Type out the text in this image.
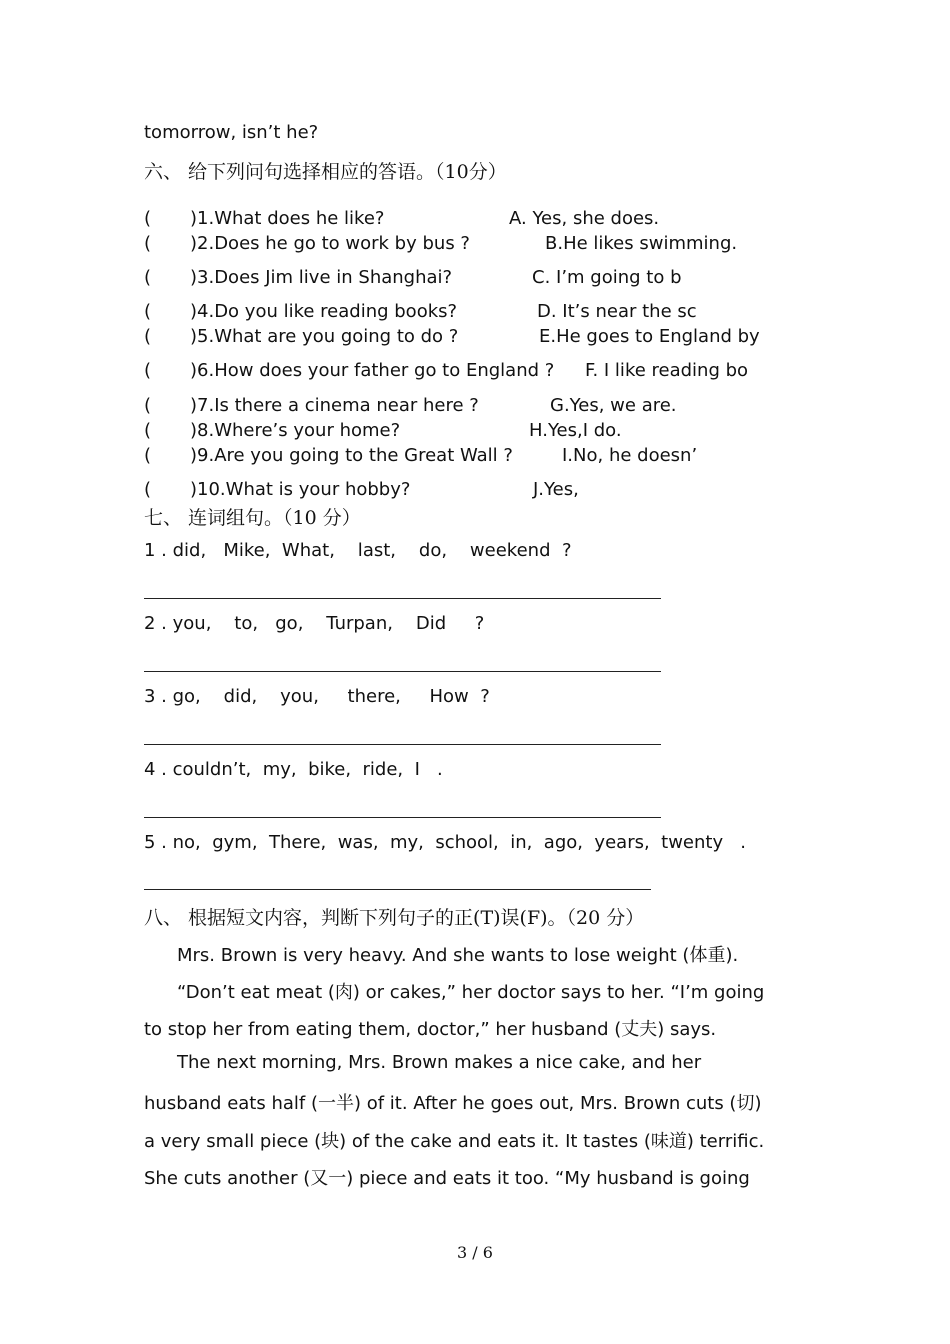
tomorrow, isn’t he?
六、 给下列问句选择相应的答语。（10分）
( )1.What does he like?	A. Yes, she does.
( )2.Does he go to work by bus ?	B.He likes swimming.
( )3.Does Jim live in Shanghai?	C. I’m going to b
( )4.Do you like reading books?	D. It’s near the sc
( )5.What are you going to do ?	E.He goes to England by
( )6.How does your father go to England ? F. I like reading bo
( )7.Is there a cinema near here ?	G.Yes, we are.
( )8.Where’s your home?	H.Yes,I do.
( )9.Are you going to the Great Wall ?	I.No, he doesn’
( )10.What is your hobby?	J.Yes,
七、 连词组句。（10 分）
1 . did,   Mike,  What,    last,    do,    weekend  ?
2 . you,    to,   go,    Turpan,    Did     ?
3 . go,    did,    you,     there,     How  ?
4 . couldn’t,  my,  bike,  ride,  I   .
5 . no,  gym,  There,  was,  my,  school,  in,  ago,  years,  twenty   .
八、 根据短文内容，判断下列句子的正(T)误(F)。（20 分）
Mrs. Brown is very heavy. And she wants to lose weight (体重).
“Don’t eat meat (肉) or cakes,” her doctor says to her. “I’m going
to stop her from eating them, doctor,” her husband (丈夫) says.
The next morning, Mrs. Brown makes a nice cake, and her
husband eats half (一半) of it. After he goes out, Mrs. Brown cuts (切)
a very small piece (块) of the cake and eats it. It tastes (味道) terrific.
She cuts another (又一) piece and eats it too. “My husband is going
3 / 6
